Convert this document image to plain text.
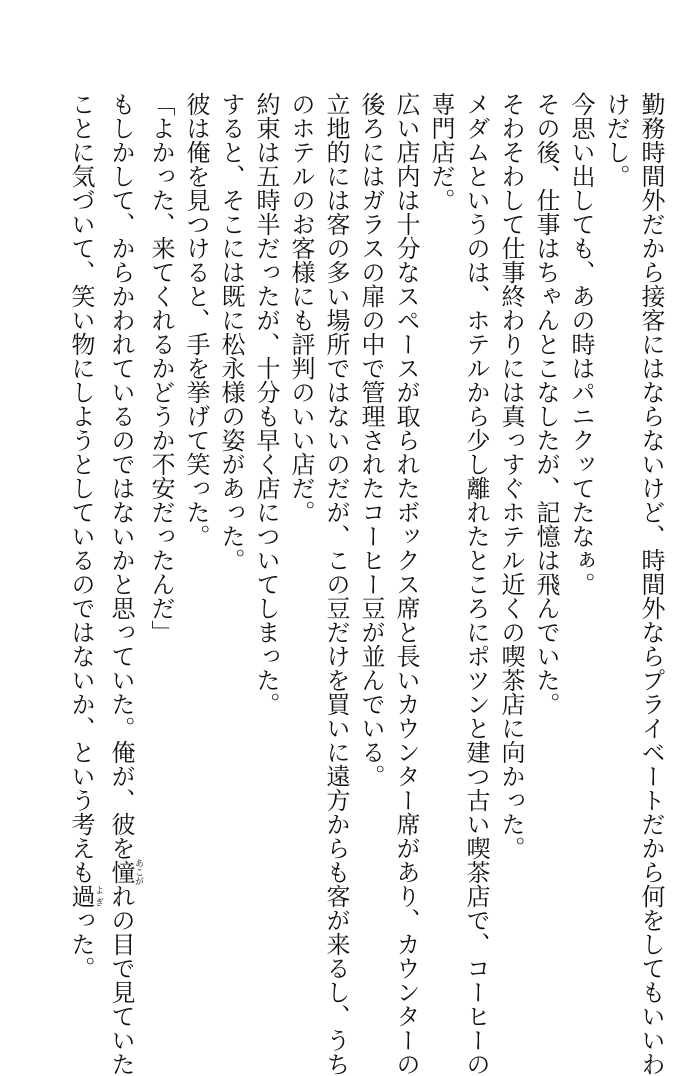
勤務時間外だから接客にはならないけど、時間外ならプライベートだから何をしてもいいわ
けだし。
今思い出しても、あの時はパニクッてたなぁ。
その後、仕事はちゃんとこなしたが、記憶は飛んでいた。
そわそわして仕事終わりには真っすぐホテル近くの喫茶店に向かった。
メダムというのは、ホテルから少し離れたところにポツンと建つ古い喫茶店で、コーヒーの
専門店だ。
広い店内は十分なスペースが取られたボックス席と長いカウンター席があり、カウンターの
後ろにはガラスの扉の中で管理されたコーヒー豆が並んでいる。
立地的には客の多い場所ではないのだが、この豆だけを買いに遠方からも客が来るし、うち
のホテルのお客様にも評判のいい店だ。
約束は五時半だったが、十分も早く店についてしまった。
すると、そこには既に松永様の姿があった。
彼は俺を見つけると、手を挙げて笑った。
「よかった、来てくれるかどうか不安だったんだ」
もしかして、からかわれているのではないかと思っていた。俺が、彼を憧あこがれの目で見ていた
ことに気づいて、笑い物にしようとしているのではないか、という考えも過よぎった。
